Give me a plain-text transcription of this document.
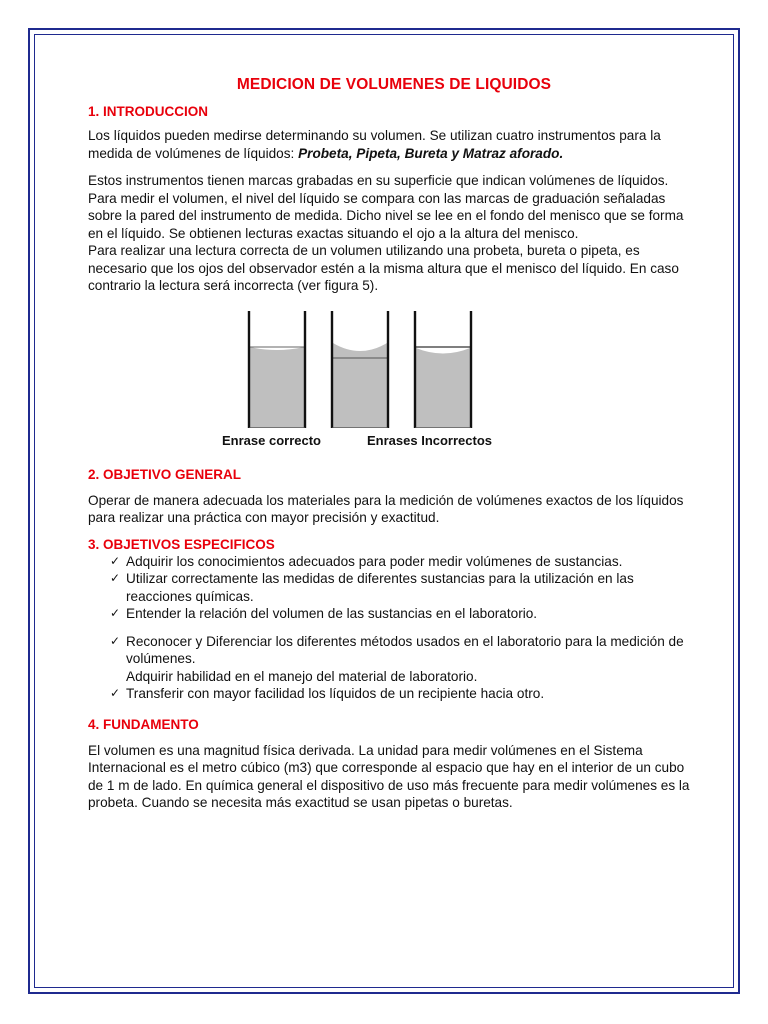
MEDICION DE VOLUMENES DE LIQUIDOS
1. INTRODUCCION

Los líquidos pueden medirse determinando su volumen. Se utilizan cuatro instrumentos para la medida de volúmenes de líquidos: Probeta, Pipeta, Bureta y Matraz aforado.

Estos instrumentos tienen marcas grabadas en su superficie que indican volúmenes de líquidos. Para medir el volumen, el nivel del líquido se compara con las marcas de graduación señaladas sobre la pared del instrumento de medida. Dicho nivel se lee en el fondo del menisco que se forma en el líquido. Se obtienen lecturas exactas situando el ojo a la altura del menisco.

Para realizar una lectura correcta de un volumen utilizando una probeta, bureta o pipeta, es necesario que los ojos del observador estén a la misma altura que el menisco del líquido. En caso contrario la lectura será incorrecta (ver figura 5).

Enrase correcto	Enrases Incorrectos
2. OBJETIVO GENERAL

Operar de manera adecuada los materiales para la medición de volúmenes exactos de los líquidos para realizar una práctica con mayor precisión y exactitud.

3. OBJETIVOS ESPECIFICOS
✓ Adquirir los conocimientos adecuados para poder medir volúmenes de sustancias.
✓ Utilizar correctamente las medidas de diferentes sustancias para la utilización en las reacciones químicas.
✓ Entender la relación del volumen de las sustancias en el laboratorio.
✓ Reconocer y Diferenciar los diferentes métodos usados en el laboratorio para la medición de volúmenes.
Adquirir habilidad en el manejo del material de laboratorio.
✓ Transferir con mayor facilidad los líquidos de un recipiente hacia otro.
4. FUNDAMENTO

El volumen es una magnitud física derivada. La unidad para medir volúmenes en el Sistema Internacional es el metro cúbico (m3) que corresponde al espacio que hay en el interior de un cubo de 1 m de lado. En química general el dispositivo de uso más frecuente para medir volúmenes es la probeta. Cuando se necesita más exactitud se usan pipetas o buretas.
